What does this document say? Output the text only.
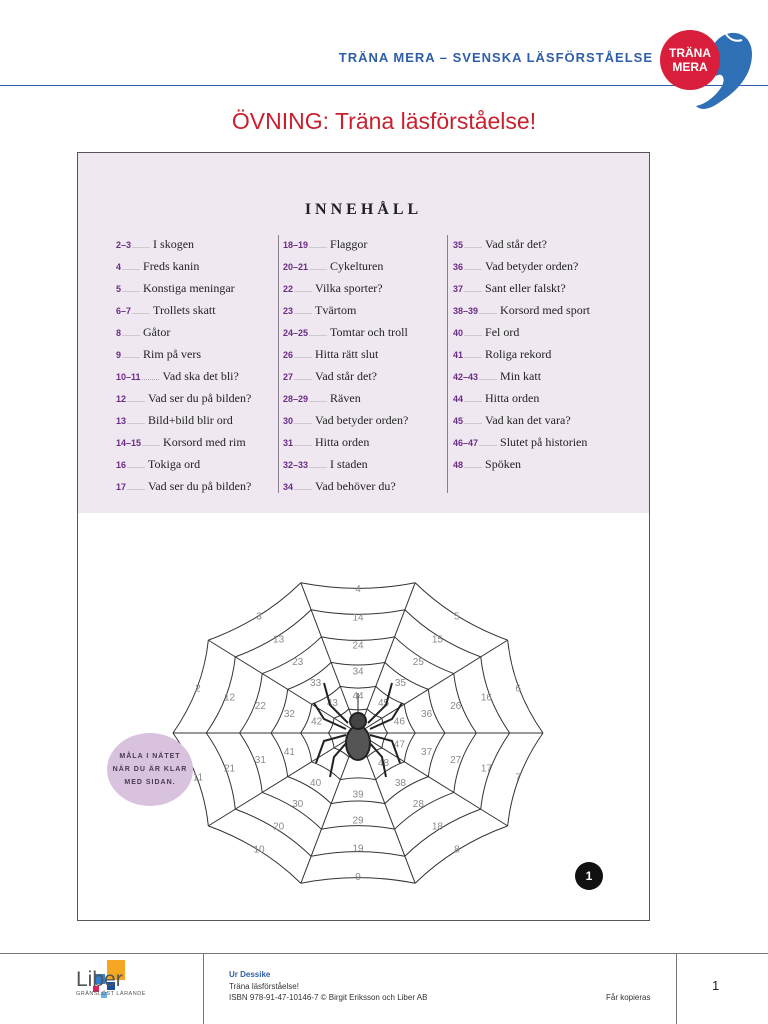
TRÄNA MERA – SVENSKA LÄSFÖRSTÅELSE TRÄNA
MERA
ÖVNING: Träna läsförståelse!
INNEHÅLL
2–3 ......... I skogen
4 ......... Freds kanin
5 ......... Konstiga meningar
6–7 ......... Trollets skatt
8 ......... Gåtor
9 ......... Rim på vers
10–11 ......... Vad ska det bli?
12 ......... Vad ser du på bilden?
13 ......... Bild+bild blir ord
14–15 ......... Korsord med rim
16 ......... Tokiga ord
17 ......... Vad ser du på bilden?
18–19 ......... Flaggor
20–21 ......... Cykelturen
22 ......... Vilka sporter?
23 ......... Tvärtom
24–25 ......... Tomtar och troll
26 ......... Hitta rätt slut
27 ......... Vad står det?
28–29 ......... Räven
30 ......... Vad betyder orden?
31 ......... Hitta orden
32–33 ......... I staden
34 ......... Vad behöver du?
35 ......... Vad står det?
36 ......... Vad betyder orden?
37 ......... Sant eller falskt?
38–39 ......... Korsord med sport
40 ......... Fel ord
41 ......... Roliga rekord
42–43 ......... Min katt
44 ......... Hitta orden
45 ......... Vad kan det vara?
46–47 ......... Slutet på historien
48 ......... Spöken
4
14
24
34
44
5
15
25
35
45
6
16
26
36
46
7
17
27
37
47
8
18
28
38
48
9
19
29
39
10
20
30
40
11
21
31
41
2
12
22
32
42
3
13
23
33
43
MÅLA I NÄTET
NÄR DU ÄR KLAR
MED SIDAN.
1
Liber
GRÄNSLÖST LÄRANDE
Ur Dessike
Träna läsförståelse!
ISBN 978-91-47-10146-7 © Birgit Eriksson och Liber AB	Får kopieras
1
